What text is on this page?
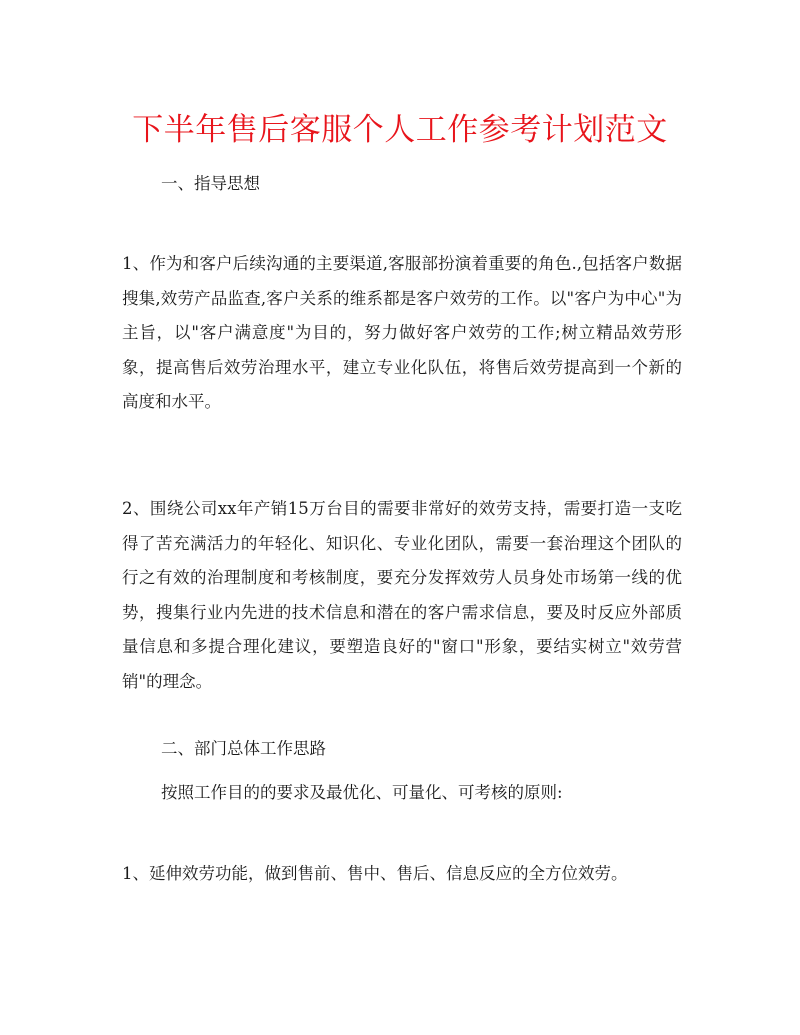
下半年售后客服个人工作参考计划范文
一、指导思想
1、作为和客户后续沟通的主要渠道,客服部扮演着重要的角色.,包括客户数据搜集,效劳产品监查,客户关系的维系都是客户效劳的工作。以"客户为中心"为主旨，以"客户满意度"为目的，努力做好客户效劳的工作;树立精品效劳形象，提高售后效劳治理水平，建立专业化队伍，将售后效劳提高到一个新的高度和水平。
2、围绕公司xx年产销15万台目的需要非常好的效劳支持，需要打造一支吃得了苦充满活力的年轻化、知识化、专业化团队，需要一套治理这个团队的行之有效的治理制度和考核制度，要充分发挥效劳人员身处市场第一线的优势，搜集行业内先进的技术信息和潜在的客户需求信息，要及时反应外部质量信息和多提合理化建议，要塑造良好的"窗口"形象，要结实树立"效劳营销"的理念。
二、部门总体工作思路
按照工作目的的要求及最优化、可量化、可考核的原则:
1、延伸效劳功能，做到售前、售中、售后、信息反应的全方位效劳。
